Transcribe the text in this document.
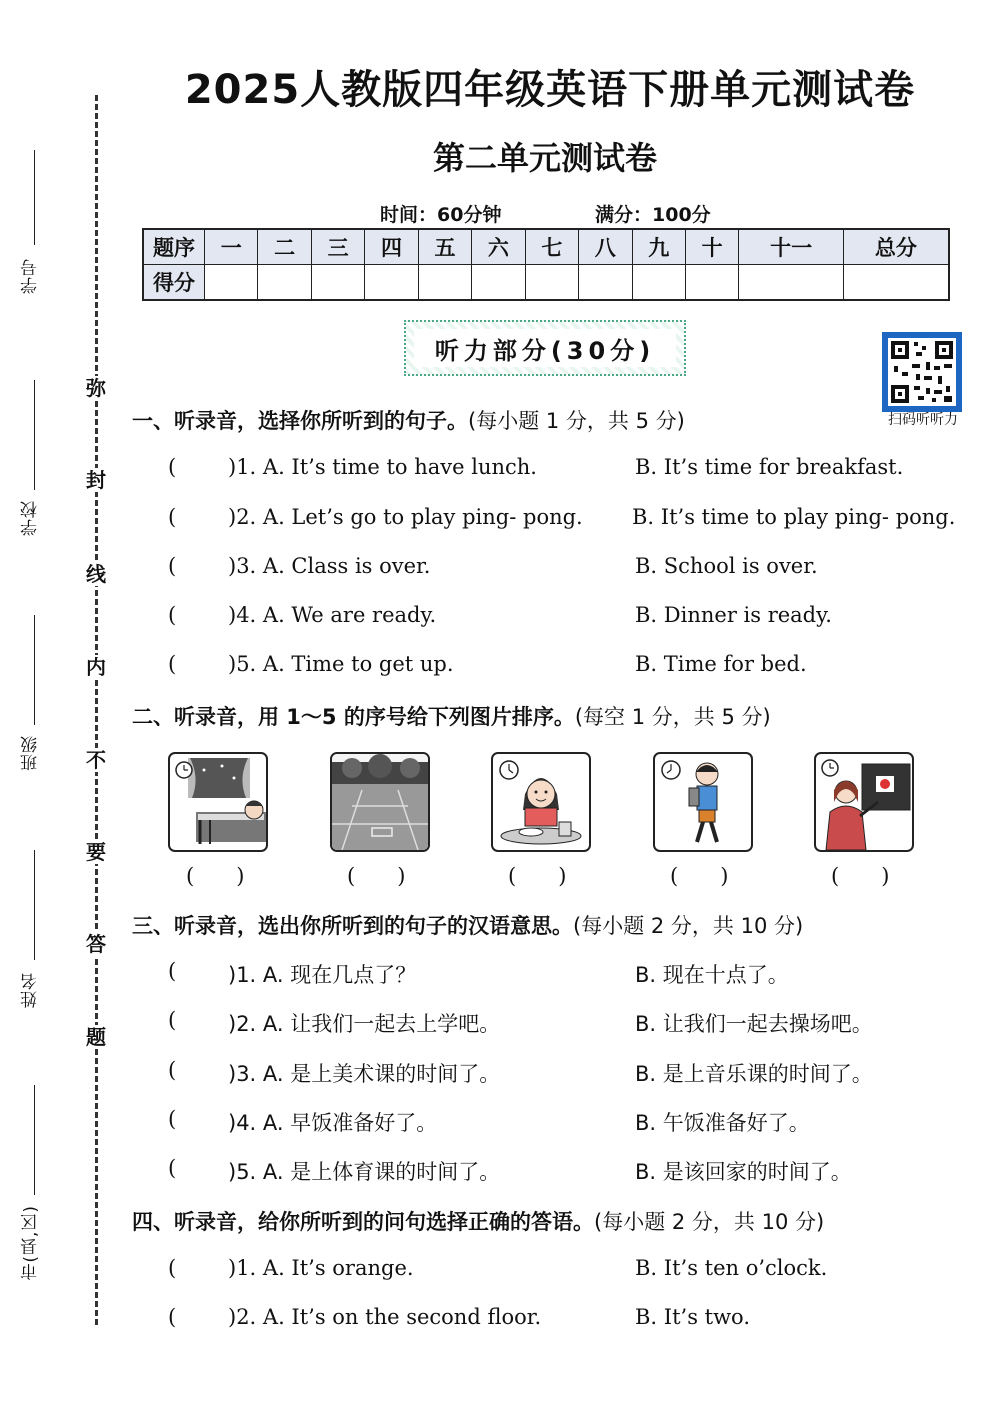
学号
学校
班级
姓名
市(县,区)
弥
封
线
内
不
要
答
题
2025人教版四年级英语下册单元测试卷
第二单元测试卷
时间：60分钟	满分：100分
题序	一	二	三	四	五	六	七	八	九	十	十一	总分
得分												
听力部分(30分)
扫码听听力
一、听录音，选择你所听到的句子。(每小题 1 分，共 5 分)
( )1. A. It’s time to have lunch.	B. It’s time for breakfast.
( )2. A. Let’s go to play ping- pong. B. It’s time to play ping- pong.
( )3. A. Class is over.	B. School is over.
( )4. A. We are ready.	B. Dinner is ready.
( )5. A. Time to get up.	B. Time for bed.
二、听录音，用 1～5 的序号给下列图片排序。(每空 1 分，共 5 分)
(　　)	(　　)	(　　)	(　　)	(　　)
三、听录音，选出你所听到的句子的汉语意思。(每小题 2 分，共 10 分)
( )1. A. 现在几点了？	B. 现在十点了。
( )2. A. 让我们一起去上学吧。	B. 让我们一起去操场吧。
( )3. A. 是上美术课的时间了。	B. 是上音乐课的时间了。
( )4. A. 早饭准备好了。	B. 午饭准备好了。
( )5. A. 是上体育课的时间了。	B. 是该回家的时间了。
四、听录音，给你所听到的问句选择正确的答语。(每小题 2 分，共 10 分)
( )1. A. It’s orange.	B. It’s ten o’clock.
( )2. A. It’s on the second floor.	B. It’s two.
